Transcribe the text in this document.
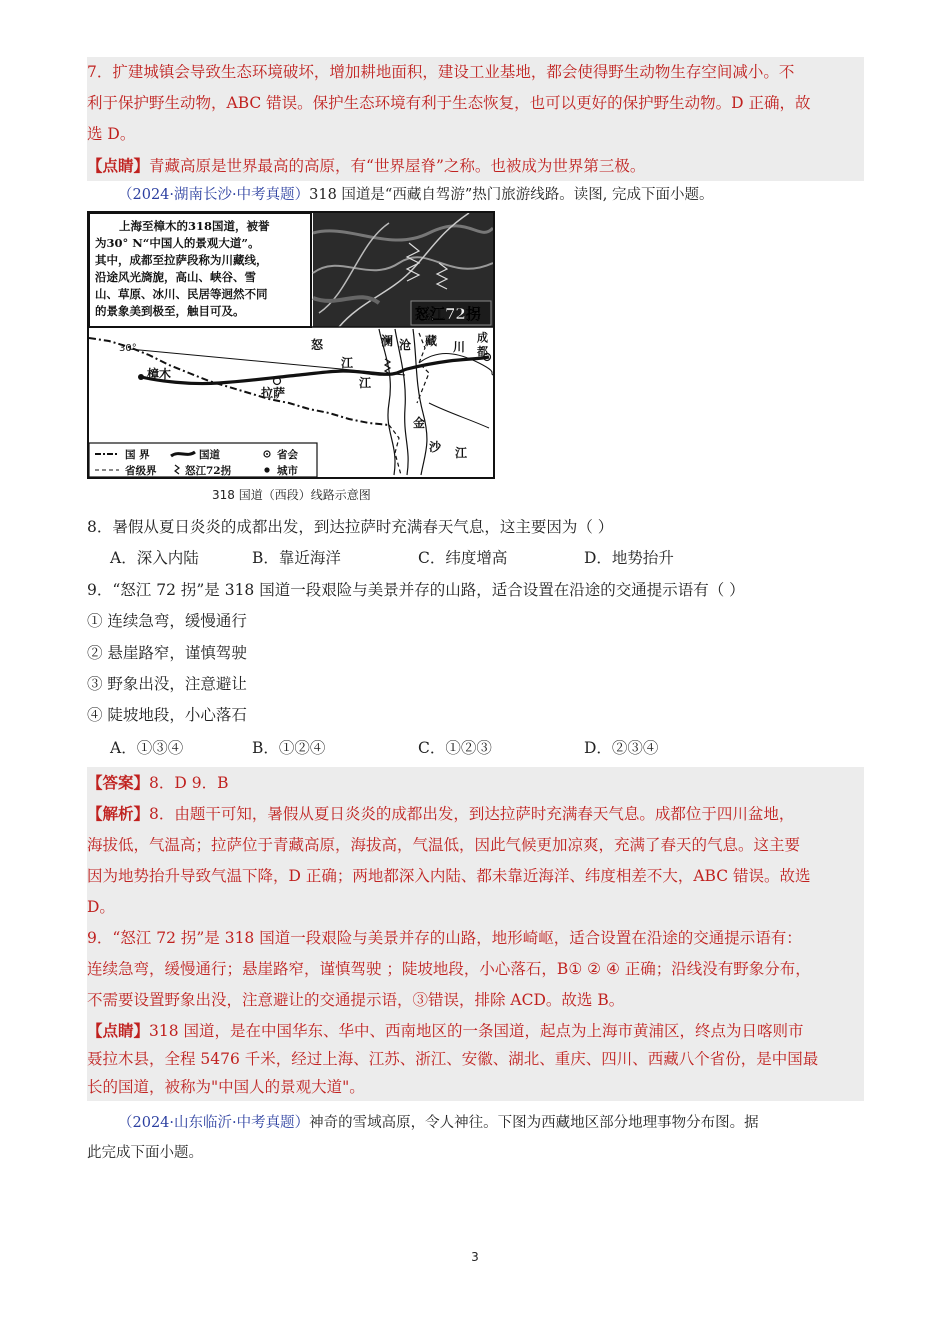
7．扩建城镇会导致生态环境破坏，增加耕地面积，建设工业基地，都会使得野生动物生存空间减小。不
利于保护野生动物，ABC 错误。保护生态环境有利于生态恢复，也可以更好的保护野生动物。D 正确，故
选 D。
【点睛】青藏高原是世界最高的高原，有“世界屋脊”之称。也被成为世界第三极。
（2024·湖南长沙·中考真题）318 国道是“西藏自驾游”热门旅游线路。读图, 完成下面小题。
上海至樟木的318国道，被誉
为30° N“中国人的景观大道”。
其中，成都至拉萨段称为川藏线，
沿途风光旖旎，高山、峡谷、雪
山、草原、冰川、民居等迥然不同
的景象美到极至，触目可及。	怒江72拐
30°
樟木
拉萨
成
都
怒
江
澜 沧
江
藏 川
金
沙 江
国 界
省级界
国道
怒江72拐
省会
城市
318 国道（西段）线路示意图
8．暑假从夏日炎炎的成都出发，到达拉萨时充满春天气息，这主要因为（ ）
A．深入内陆	B．靠近海洋	C．纬度增高	D．地势抬升
9．“怒江 72 拐”是 318 国道一段艰险与美景并存的山路，适合设置在沿途的交通提示语有（ ）
① 连续急弯，缓慢通行
② 悬崖路窄，谨慎驾驶
③ 野象出没，注意避让
④ 陡坡地段，小心落石
A．①③④	B．①②④	C．①②③	D．②③④
【答案】8．D 9．B
【解析】8．由题干可知，暑假从夏日炎炎的成都出发，到达拉萨时充满春天气息。成都位于四川盆地，
海拔低，气温高；拉萨位于青藏高原，海拔高，气温低，因此气候更加凉爽，充满了春天的气息。这主要
因为地势抬升导致气温下降，D 正确；两地都深入内陆、都未靠近海洋、纬度相差不大，ABC 错误。故选
D。
9．“怒江 72 拐”是 318 国道一段艰险与美景并存的山路，地形崎岖，适合设置在沿途的交通提示语有：
连续急弯，缓慢通行；悬崖路窄，谨慎驾驶 ；陡坡地段，小心落石，B① ② ④ 正确；沿线没有野象分布，
不需要设置野象出没，注意避让的交通提示语，③错误，排除 ACD。故选 B。
【点睛】318 国道，是在中国华东、华中、西南地区的一条国道，起点为上海市黄浦区，终点为日喀则市
聂拉木县，全程 5476 千米，经过上海、江苏、浙江、安徽、湖北、重庆、四川、西藏八个省份，是中国最
长的国道，被称为"中国人的景观大道"。
（2024·山东临沂·中考真题）神奇的雪域高原，令人神往。下图为西藏地区部分地理事物分布图。据
此完成下面小题。
3
